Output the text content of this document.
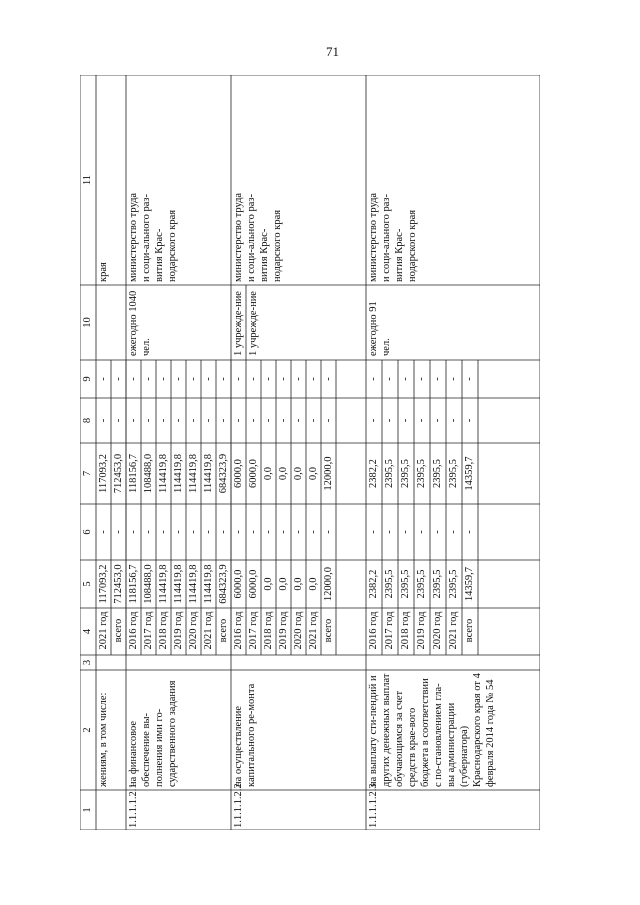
71
1
2
3
4
5
6
7
8
9
10
11
жениям, в том числе:
края
2021 год
117093,2
-
117093,2
-
-
всего
712453,0
-
712453,0
-
-
1.1.1.1.2.1
на финансовое обеспечение вы-полнения ими го-сударственного задания
2016 год
118156,7
-
118156,7
-
-
2017 год
108488,0
-
108488,0
-
-
2018 год
114419,8
-
114419,8
-
-
2019 год
114419,8
-
114419,8
-
-
2020 год
114419,8
-
114419,8
-
-
2021 год
114419,8
-
114419,8
-
-
всего
684323,9
-
684323,9
-
-
ежегодно 1040 чел.
министерство труда и соци-ального раз-вития Крас-нодарского края
1.1.1.1.2.2
на осуществление капитального ре-монта
2016 год
6000,0
-
6000,0
-
-
2017 год
6000,0
-
6000,0
-
-
2018 год
0,0
-
0,0
-
-
2019 год
0,0
-
0,0
-
-
2020 год
0,0
-
0,0
-
-
2021 год
0,0
-
0,0
-
-
всего
12000,0
-
12000,0
-
-
1 учрежде-ние 1 учрежде-ние
министерство труда и соци-ального раз-вития Крас-нодарского края
1.1.1.1.2.3
на выплату сти-пендий и других денежных выплат обучающимся за счет средств крае-вого бюджета в соответствии с по-становлением гла-вы администрации (губернатора) Краснодарского края от 4 февраля 2014 года № 54
2016 год
2382,2
-
2382,2
-
-
2017 год
2395,5
-
2395,5
-
-
2018 год
2395,5
-
2395,5
-
-
2019 год
2395,5
-
2395,5
-
-
2020 год
2395,5
-
2395,5
-
-
2021 год
2395,5
-
2395,5
-
-
всего
14359,7
-
14359,7
-
-
ежегодно 91 чел.
министерство труда и соци-ального раз-вития Крас-нодарского края
